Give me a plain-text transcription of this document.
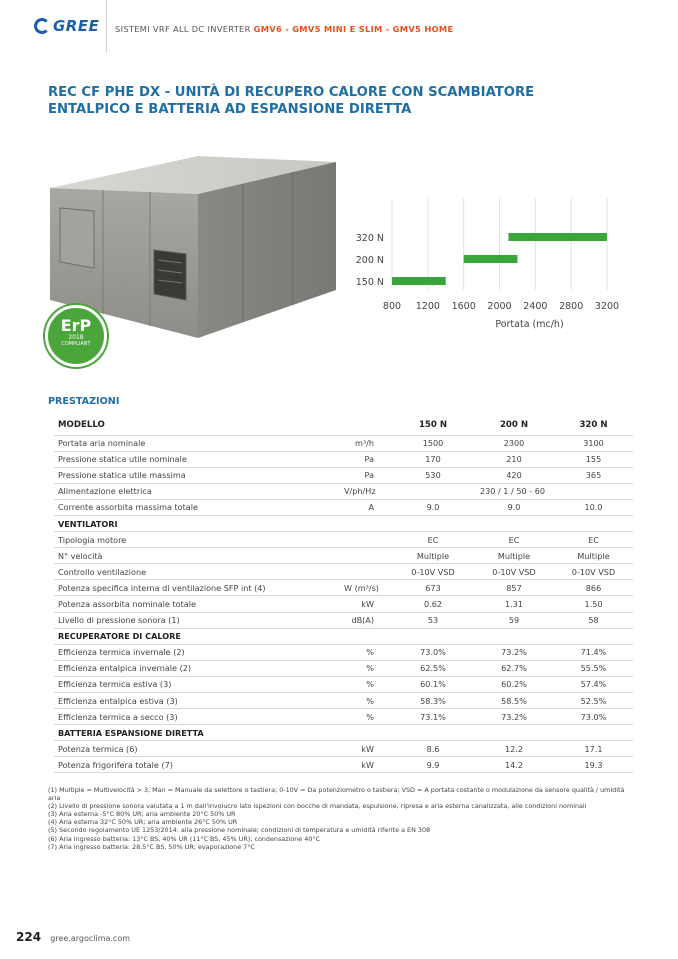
GREE SISTEMI VRF ALL DC INVERTER GMV6 - GMV5 MINI E SLIM - GMV5 HOME
REC CF PHE DX - UNITÀ DI RECUPERO CALORE CON SCAMBIATORE ENTALPICO E BATTERIA AD ESPANSIONE DIRETTA
ErP
2018
COMPLIANT
800 1200 1600 2000 2400 2800 3200
320 N
200 N
150 N
Portata (mc/h)
PRESTAZIONI
MODELLO		150 N	200 N	320 N
Portata aria nominale	m³/h	1500	2300	3100
Pressione statica utile nominale	Pa	170	210	155
Pressione statica utile massima	Pa	530	420	365
Alimentazione elettrica	V/ph/Hz	230 / 1 / 50 - 60		
Corrente assorbita massima totale	A	9.0	9.0	10.0
VENTILATORI				
Tipologia motore		EC	EC	EC
N° velocità		Multiple	Multiple	Multiple
Controllo ventilazione		0-10V VSD	0-10V VSD	0-10V VSD
Potenza specifica interna di ventilazione SFP int (4)	W (m³/s)	673	857	866
Potenza assorbita nominale totale	kW	0.62	1.31	1.50
Livello di pressione sonora (1)	dB(A)	53	59	58
RECUPERATORE DI CALORE				
Efficienza termica invernale (2)	%	73.0%	73.2%	71.4%
Efficienza entalpica invernale (2)	%	62.5%	62.7%	55.5%
Efficienza termica estiva (3)	%	60.1%	60.2%	57.4%
Efficienza entalpica estiva (3)	%	58.3%	58.5%	52.5%
Efficienza termica a secco (3)	%	73.1%	73.2%	73.0%
BATTERIA ESPANSIONE DIRETTA				
Potenza termica (6)	kW	8.6	12.2	17.1
Potenza frigorifera totale (7)	kW	9.9	14.2	19.3
(1) Multiple = Multivelocità > 3, Man = Manuale da selettore o tastiera; 0-10V = Da potenziometro o tastiera; VSD = A portata costante o modulazione da sensore qualità / umidità aria
(2) Livello di pressione sonora valutata a 1 m dall'involucro lato ispezioni con bocche di mandata, espulsione, ripresa e aria esterna canalizzata, alle condizioni nominali
(3) Aria esterna -5°C 80% UR; aria ambiente 20°C 50% UR
(4) Aria esterna 32°C 50% UR; aria ambiente 26°C 50% UR
(5) Secondo regolamento UE 1253/2014: alla pressione nominale; condizioni di temperatura e umidità riferite a EN 308
(6) Aria ingresso batteria: 13°C BS, 40% UR (11°C BS, 45% UR); condensazione 40°C
(7) Aria ingresso batteria: 28.5°C BS, 50% UR; evaporazione 7°C
224 gree.argoclima.com
